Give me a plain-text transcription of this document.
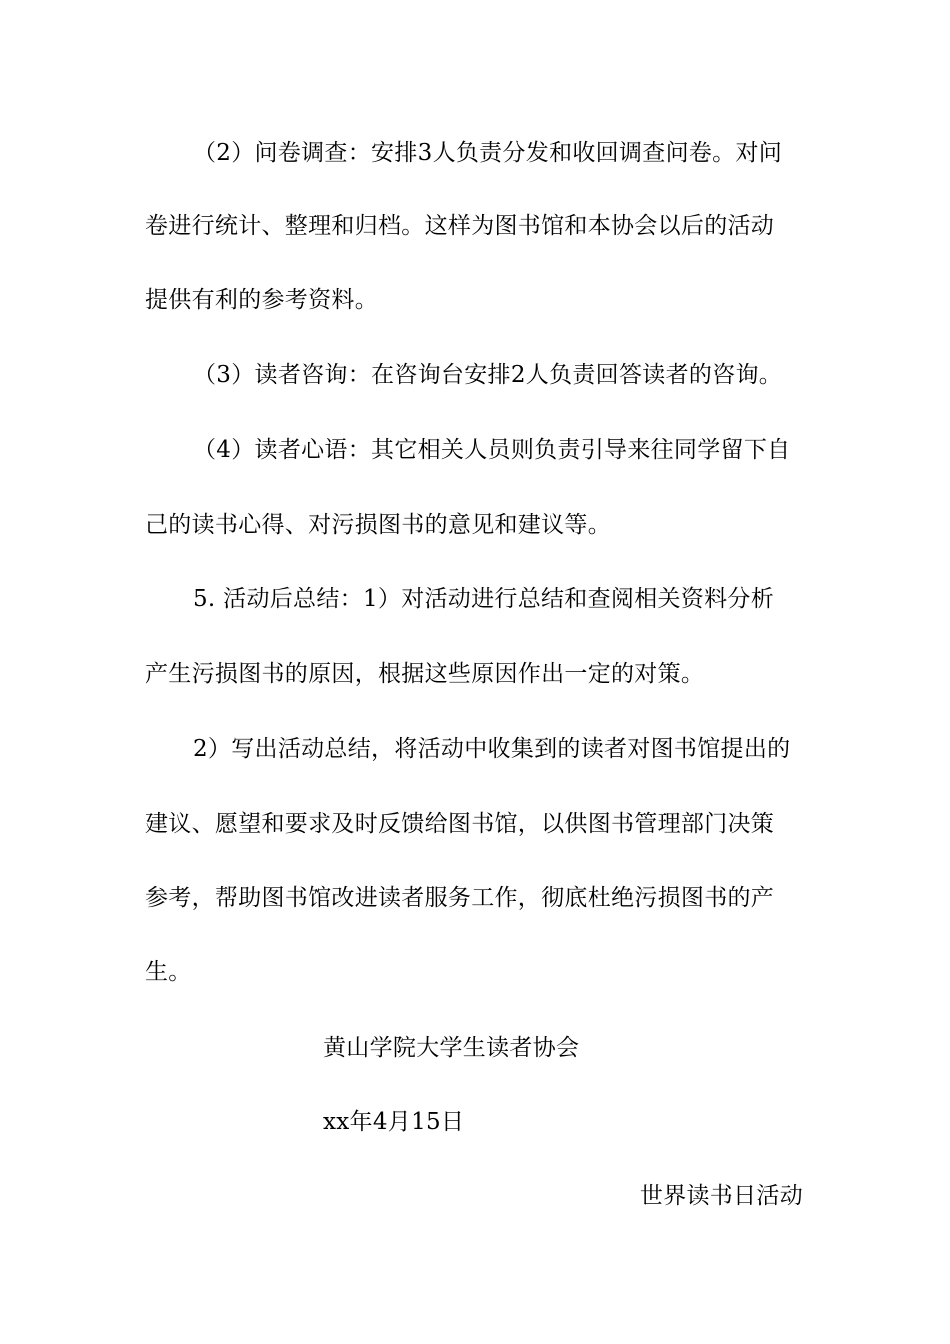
（2）问卷调查：安排3人负责分发和收回调查问卷。对问
卷进行统计、整理和归档。这样为图书馆和本协会以后的活动
提供有利的参考资料。
（3）读者咨询：在咨询台安排2人负责回答读者的咨询。
（4）读者心语：其它相关人员则负责引导来往同学留下自
己的读书心得、对污损图书的意见和建议等。
5. 活动后总结：1）对活动进行总结和查阅相关资料分析
产生污损图书的原因，根据这些原因作出一定的对策。
2）写出活动总结，将活动中收集到的读者对图书馆提出的
建议、愿望和要求及时反馈给图书馆，以供图书管理部门决策
参考，帮助图书馆改进读者服务工作，彻底杜绝污损图书的产
生。
黄山学院大学生读者协会
xx年4月15日
世界读书日活动
